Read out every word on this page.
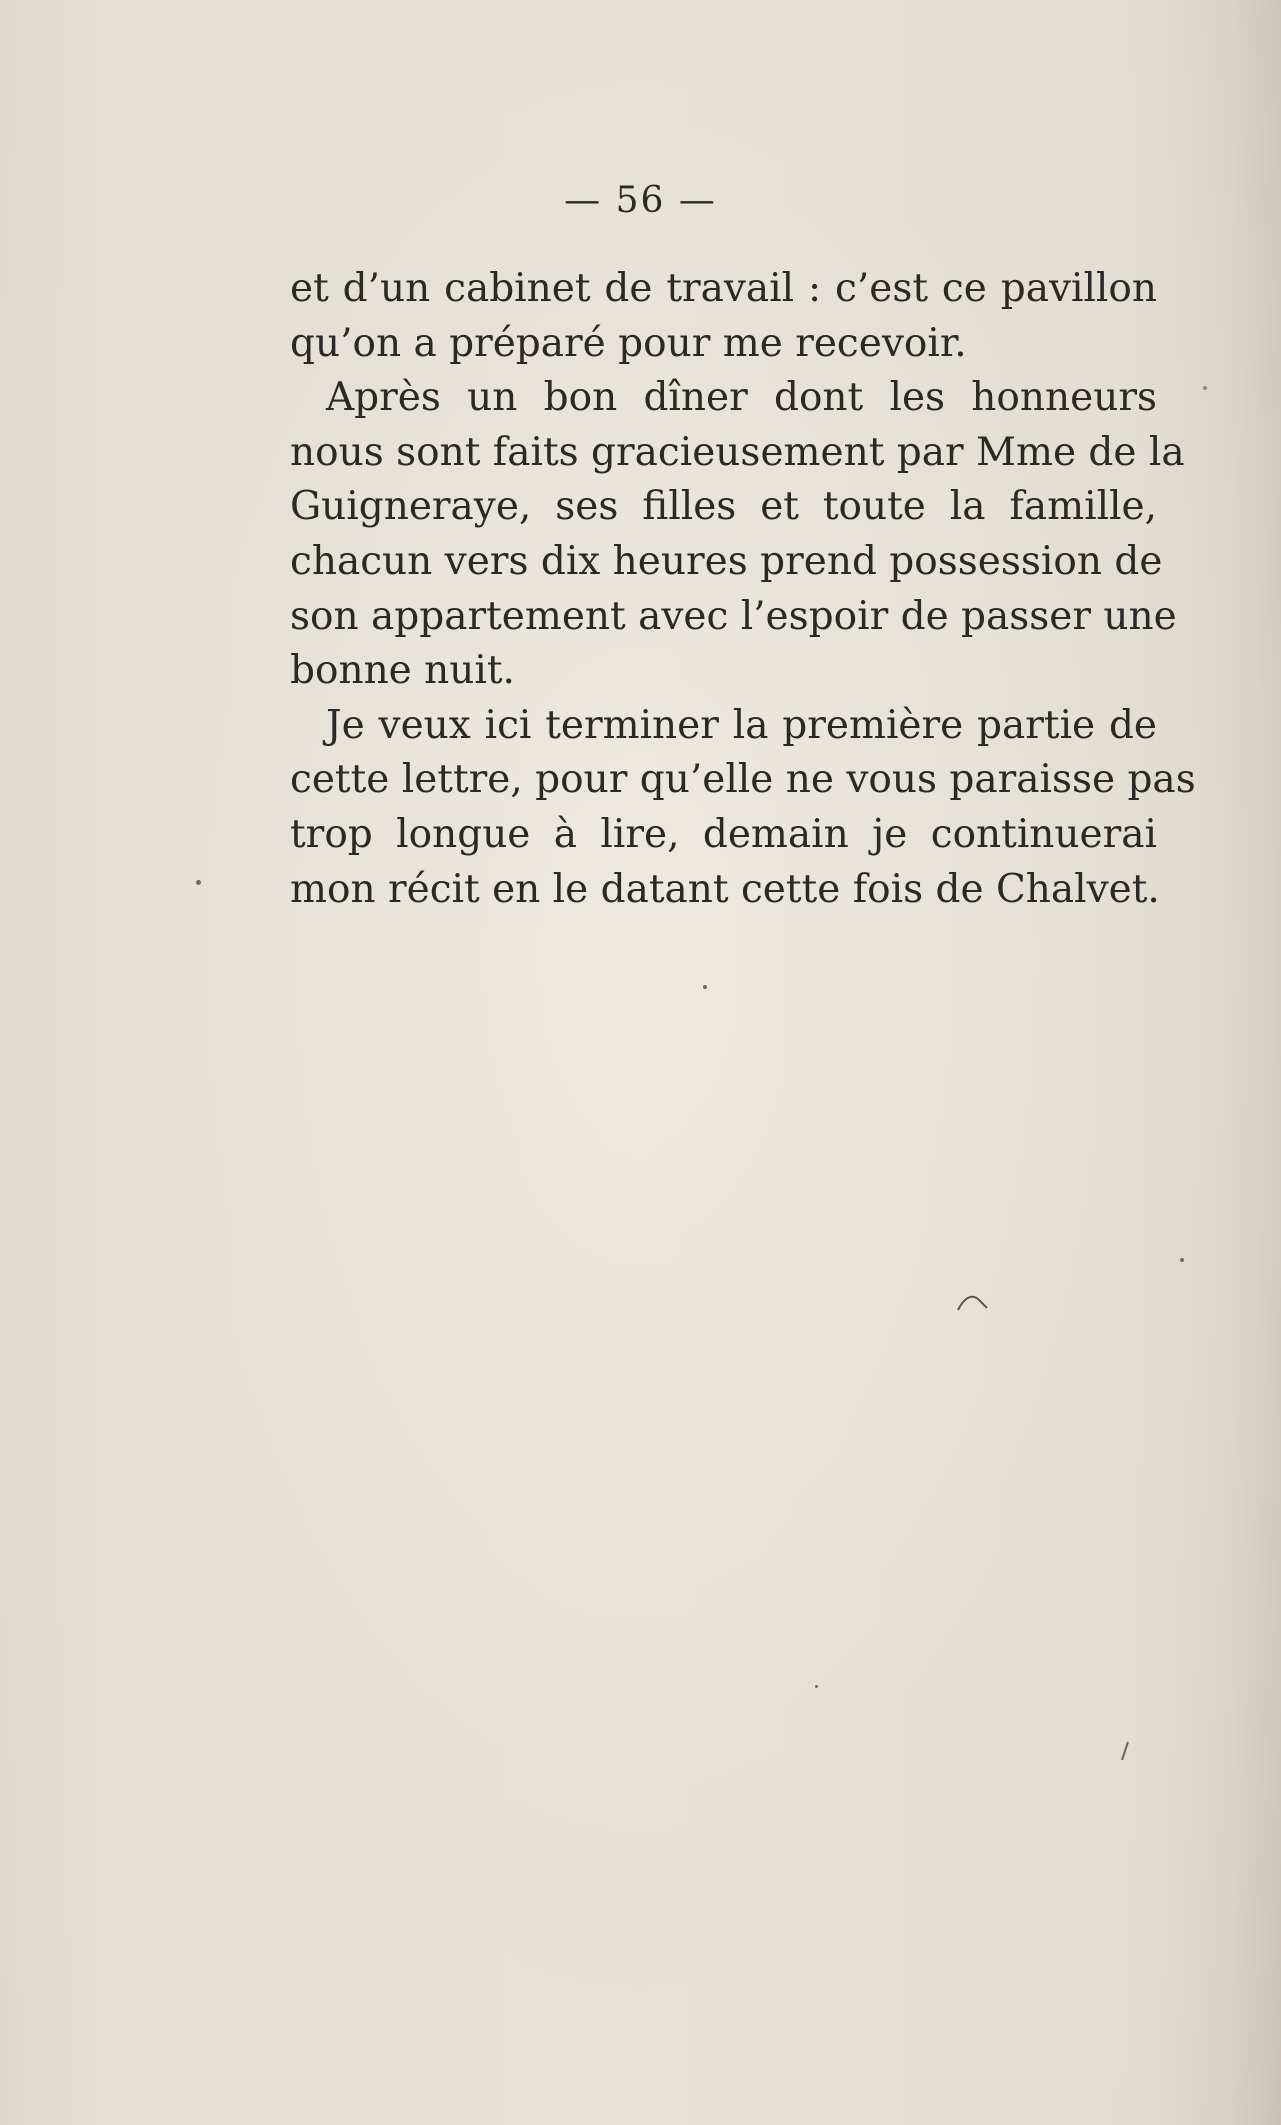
— 56 —
et d’un cabinet de travail : c’est ce pavillon
qu’on a préparé pour me recevoir.
Après un bon dîner dont les honneurs
nous sont faits gracieusement par Mme de la
Guigneraye, ses filles et toute la famille,
chacun vers dix heures prend possession de
son appartement avec l’espoir de passer une
bonne nuit.
Je veux ici terminer la première partie de
cette lettre, pour qu’elle ne vous paraisse pas
trop longue à lire, demain je continuerai
mon récit en le datant cette fois de Chalvet.
